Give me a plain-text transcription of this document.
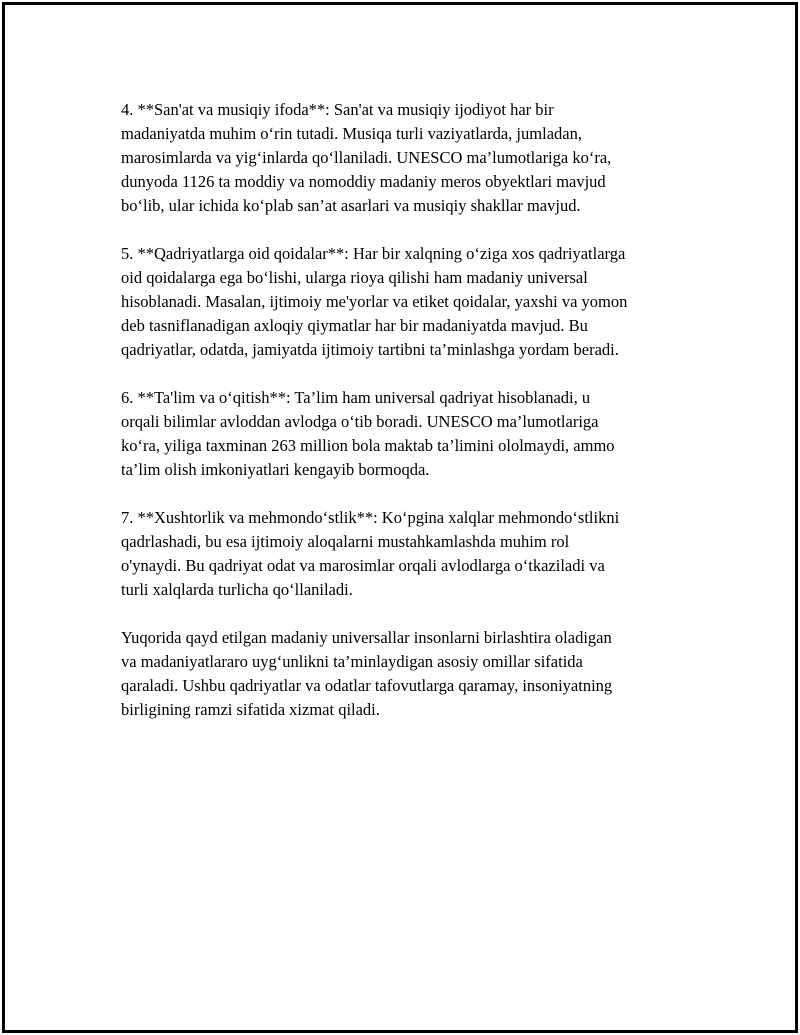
4. **San'at va musiqiy ifoda**: San'at va musiqiy ijodiyot har bir
madaniyatda muhim o‘rin tutadi. Musiqa turli vaziyatlarda, jumladan,
marosimlarda va yig‘inlarda qo‘llaniladi. UNESCO ma’lumotlariga ko‘ra,
dunyoda 1126 ta moddiy va nomoddiy madaniy meros obyektlari mavjud
bo‘lib, ular ichida ko‘plab san’at asarlari va musiqiy shakllar mavjud.

5. **Qadriyatlarga oid qoidalar**: Har bir xalqning o‘ziga xos qadriyatlarga
oid qoidalarga ega bo‘lishi, ularga rioya qilishi ham madaniy universal
hisoblanadi. Masalan, ijtimoiy me'yorlar va etiket qoidalar, yaxshi va yomon
deb tasniflanadigan axloqiy qiymatlar har bir madaniyatda mavjud. Bu
qadriyatlar, odatda, jamiyatda ijtimoiy tartibni ta’minlashga yordam beradi.

6. **Ta'lim va o‘qitish**: Ta’lim ham universal qadriyat hisoblanadi, u
orqali bilimlar avloddan avlodga o‘tib boradi. UNESCO ma’lumotlariga
ko‘ra, yiliga taxminan 263 million bola maktab ta’limini ololmaydi, ammo
ta’lim olish imkoniyatlari kengayib bormoqda.

7. **Xushtorlik va mehmondo‘stlik**: Ko‘pgina xalqlar mehmondo‘stlikni
qadrlashadi, bu esa ijtimoiy aloqalarni mustahkamlashda muhim rol
o'ynaydi. Bu qadriyat odat va marosimlar orqali avlodlarga o‘tkaziladi va
turli xalqlarda turlicha qo‘llaniladi.

Yuqorida qayd etilgan madaniy universallar insonlarni birlashtira oladigan
va madaniyatlararo uyg‘unlikni ta’minlaydigan asosiy omillar sifatida
qaraladi. Ushbu qadriyatlar va odatlar tafovutlarga qaramay, insoniyatning
birligining ramzi sifatida xizmat qiladi.
